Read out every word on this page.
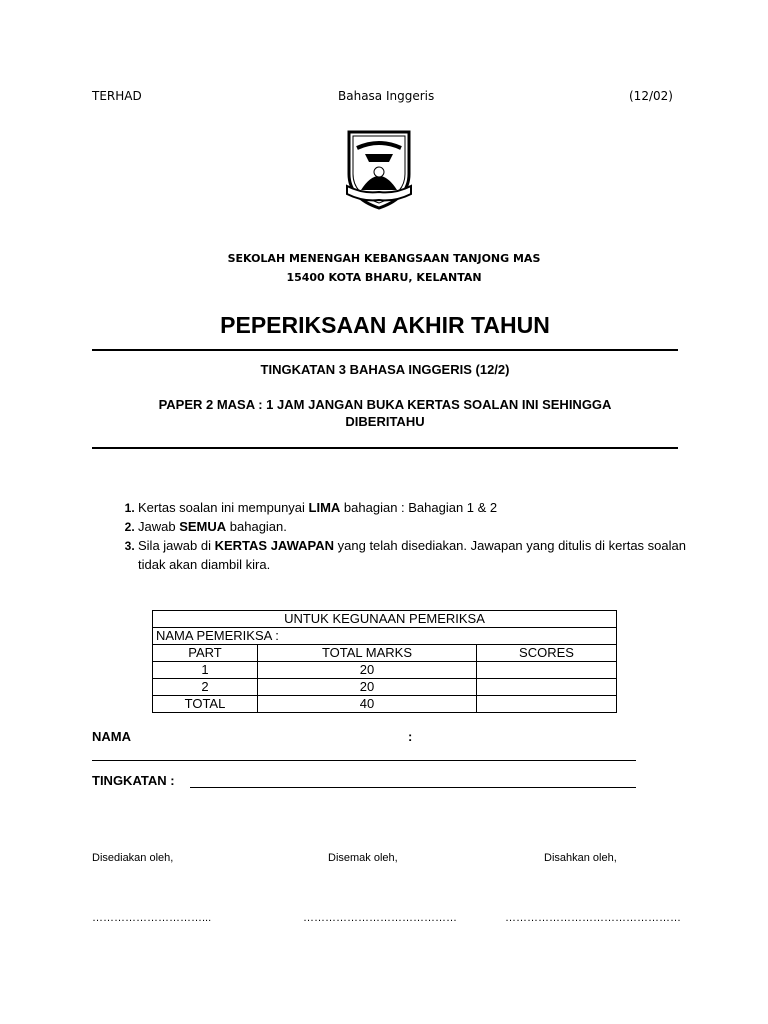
TERHAD	Bahasa Inggeris	(12/02)
SEKOLAH MENENGAH KEBANGSAAN TANJONG MAS
15400 KOTA BHARU, KELANTAN
PEPERIKSAAN AKHIR TAHUN
TINGKATAN 3 BAHASA INGGERIS (12/2)
PAPER 2 MASA : 1 JAM JANGAN BUKA KERTAS SOALAN INI SEHINGGA DIBERITAHU
1. Kertas soalan ini mempunyai LIMA bahagian : Bahagian 1 & 2
2. Jawab SEMUA bahagian.
3. Sila jawab di KERTAS JAWAPAN yang telah disediakan. Jawapan yang ditulis di kertas soalan tidak akan diambil kira.
UNTUK KEGUNAAN PEMERIKSA		
NAMA PEMERIKSA :		
PART	TOTAL MARKS	SCORES
1	20	
2	20	
TOTAL	40	
NAMA	:
TINGKATAN :
Disediakan oleh,	Disemak oleh,	Disahkan oleh,
…………………………...	……………………………………	…………………………………………
